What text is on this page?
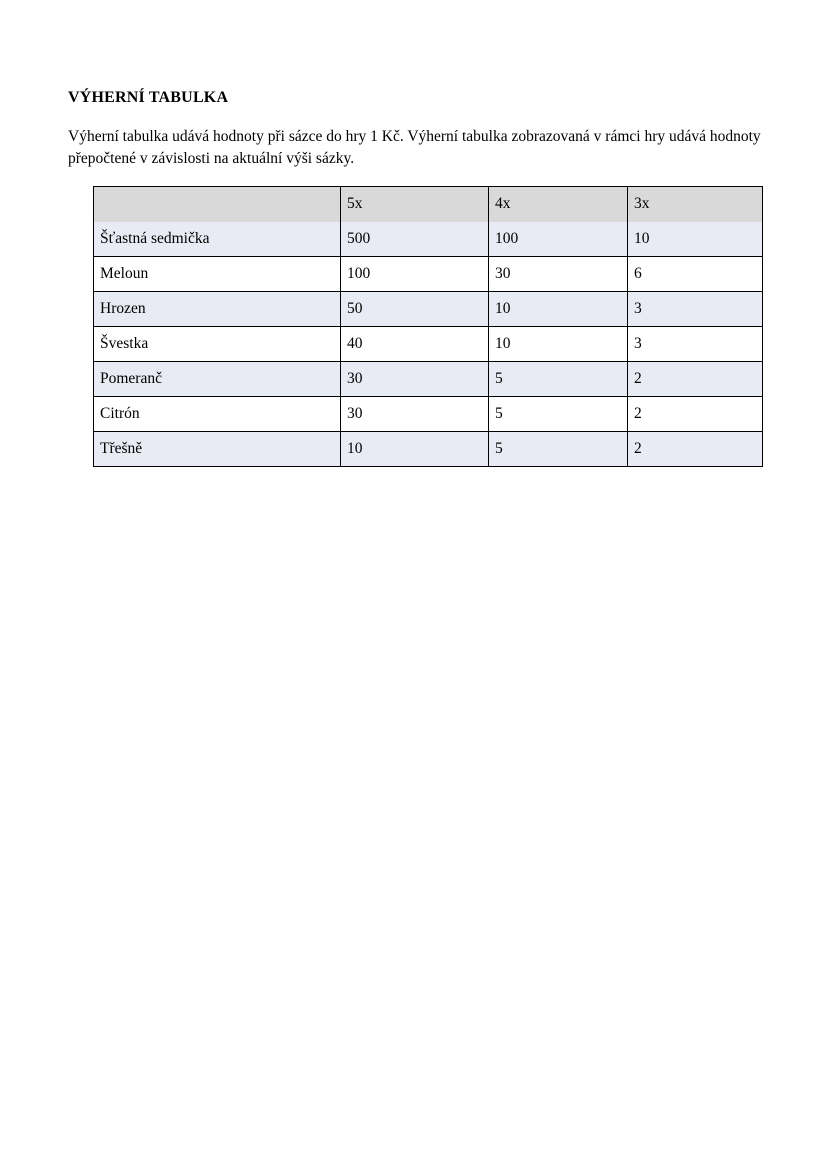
VÝHERNÍ TABULKA

Výherní tabulka udává hodnoty při sázce do hry 1 Kč. Výherní tabulka zobrazovaná v rámci hry udává hodnoty přepočtené v závislosti na aktuální výši sázky.

	5x	4x	3x
Šťastná sedmička	500	100	10
Meloun	100	30	6
Hrozen	50	10	3
Švestka	40	10	3
Pomeranč	30	5	2
Citrón	30	5	2
Třešně	10	5	2
